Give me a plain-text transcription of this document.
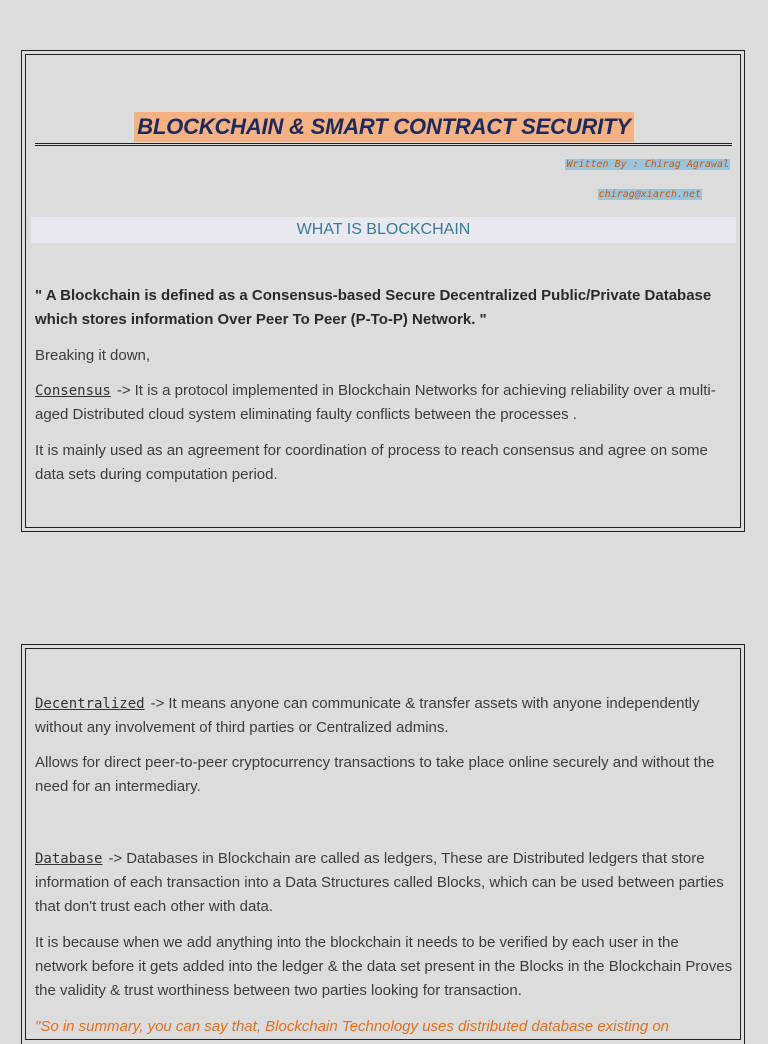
BLOCKCHAIN & SMART CONTRACT SECURITY
Written By : Chirag Agrawal
chirag@xiarch.net
WHAT IS BLOCKCHAIN
" A Blockchain is defined as a Consensus-based Secure Decentralized Public/Private Database which stores information Over Peer To Peer (P-To-P) Network. "
Breaking it down,
Consensus -> It is a protocol implemented in Blockchain Networks for achieving reliability over a multi-aged Distributed cloud system eliminating faulty conflicts between the processes .
It is mainly used as an agreement for coordination of process to reach consensus and agree on some data sets during computation period.
Decentralized -> It means anyone can communicate & transfer assets with anyone independently without any involvement of third parties or Centralized admins.
Allows for direct peer-to-peer cryptocurrency transactions to take place online securely and without the need for an intermediary.
Database -> Databases in Blockchain are called as ledgers, These are Distributed ledgers that store information of each transaction into a Data Structures called Blocks, which can be used between parties that don't trust each other with data.
It is because when we add anything into the blockchain it needs to be verified by each user in the network before it gets added into the ledger & the data set present in the Blocks in the Blockchain Proves the validity & trust worthiness between two parties looking for transaction.
"So in summary, you can say that, Blockchain Technology uses distributed database existing on
